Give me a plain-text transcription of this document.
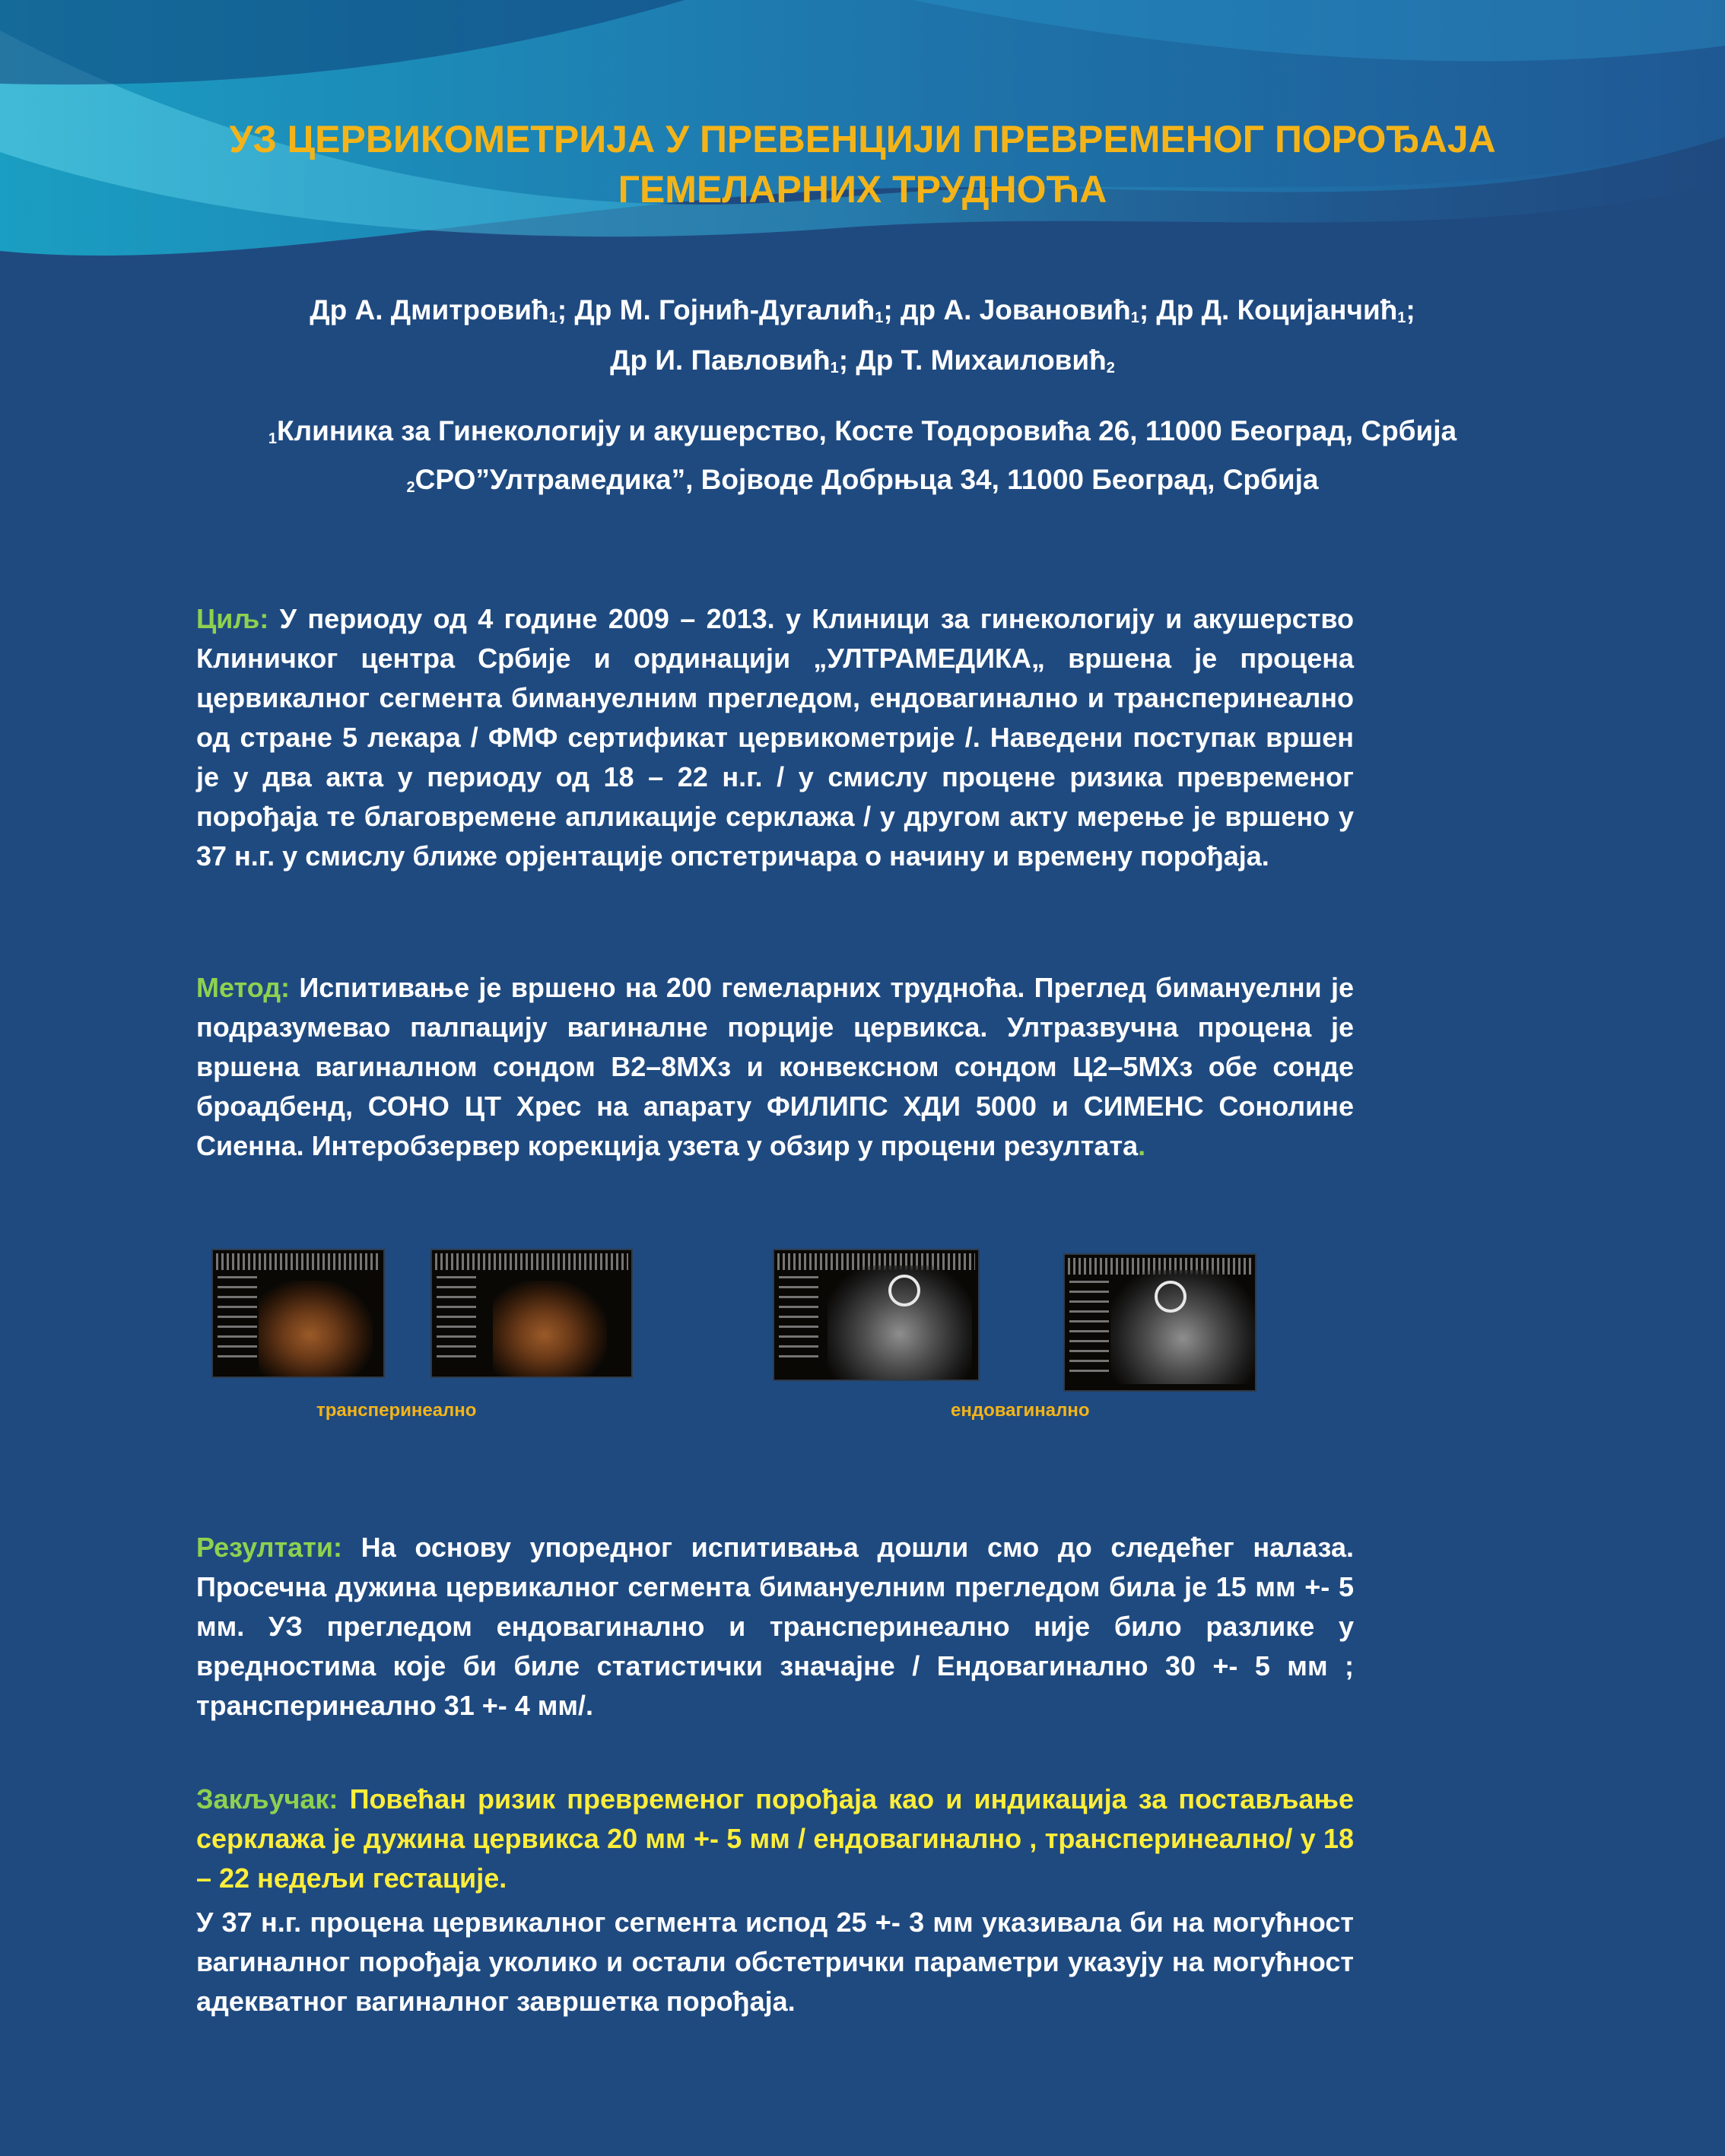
УЗ ЦЕРВИКОМЕТРИЈА У ПРЕВЕНЦИЈИ ПРЕВРЕМЕНОГ ПОРОЂАЈА
ГЕМЕЛАРНИХ ТРУДНОЋА
Др А. Дмитровић$_1$; Др М. Гојнић-Дугалић$_1$; др А. Јовановић$_1$; Др Д. Коцијанчић$_1$;
Др И. Павловић$_1$; Др Т. Михаиловић$_2$
$_1$Клиника за Гинекологију и акушерство, Косте Тодоровића 26, 11000 Београд, Србија
$_2$СРО”Ултрамедика”, Војводе Добрњца 34, 11000 Београд, Србија

Циљ: У периоду од 4 године 2009 – 2013. у Клиници за гинекологију и акушерство Клиничког центра Србије и ординацији „УЛТРАМЕДИКА„ вршена је процена цервикалног сегмента бимануелним прегледом, ендовагинално и трансперинеално од стране 5 лекара / ФМФ сертификат цервикометрије /. Наведени поступак вршен је у два акта у периоду од 18 – 22 н.г. / у смислу процене ризика превременог порођаја те благовремене апликације серклажа / у другом акту мерење је вршено у 37 н.г. у смислу ближе орјентације опстетричара о начину и времену порођаја.

Метод: Испитивање је вршено на 200 гемеларних трудноћа. Преглед бимануелни је подразумевао палпацију вагиналне порције цервикса. Ултразвучна процена је вршена вагиналном сондом В2–8МХз и конвексном сондом Ц2–5МХз обе сонде броадбенд, СОНО ЦТ Хрес на апарату ФИЛИПС ХДИ 5000 и СИМЕНС Сонолине Сиенна. Интеробзервер корекција узета у обзир у процени резултата.

трансперинеално	ендовагинално

Резултати: На основу упоредног испитивања дошли смо до следећег налаза. Просечна дужина цервикалног сегмента бимануелним прегледом била је 15 мм +- 5 мм. УЗ прегледом ендовагинално и трансперинеално није било разлике у вредностима које би биле статистички значајне / Ендовагинално 30 +- 5 мм ; трансперинеално 31 +- 4 мм/.

Закључак: Повећан ризик превременог порођаја као и индикација за постављање серклажа је дужина цервикса 20 мм +- 5 мм / ендовагинално , трансперинеално/ у 18 – 22 недељи гестације.

У 37 н.г. процена цервикалног сегмента испод 25 +- 3 мм указивала би на могућност вагиналног порођаја уколико и остали обстетрички параметри указују на могућност адекватног вагиналног завршетка порођаја.
